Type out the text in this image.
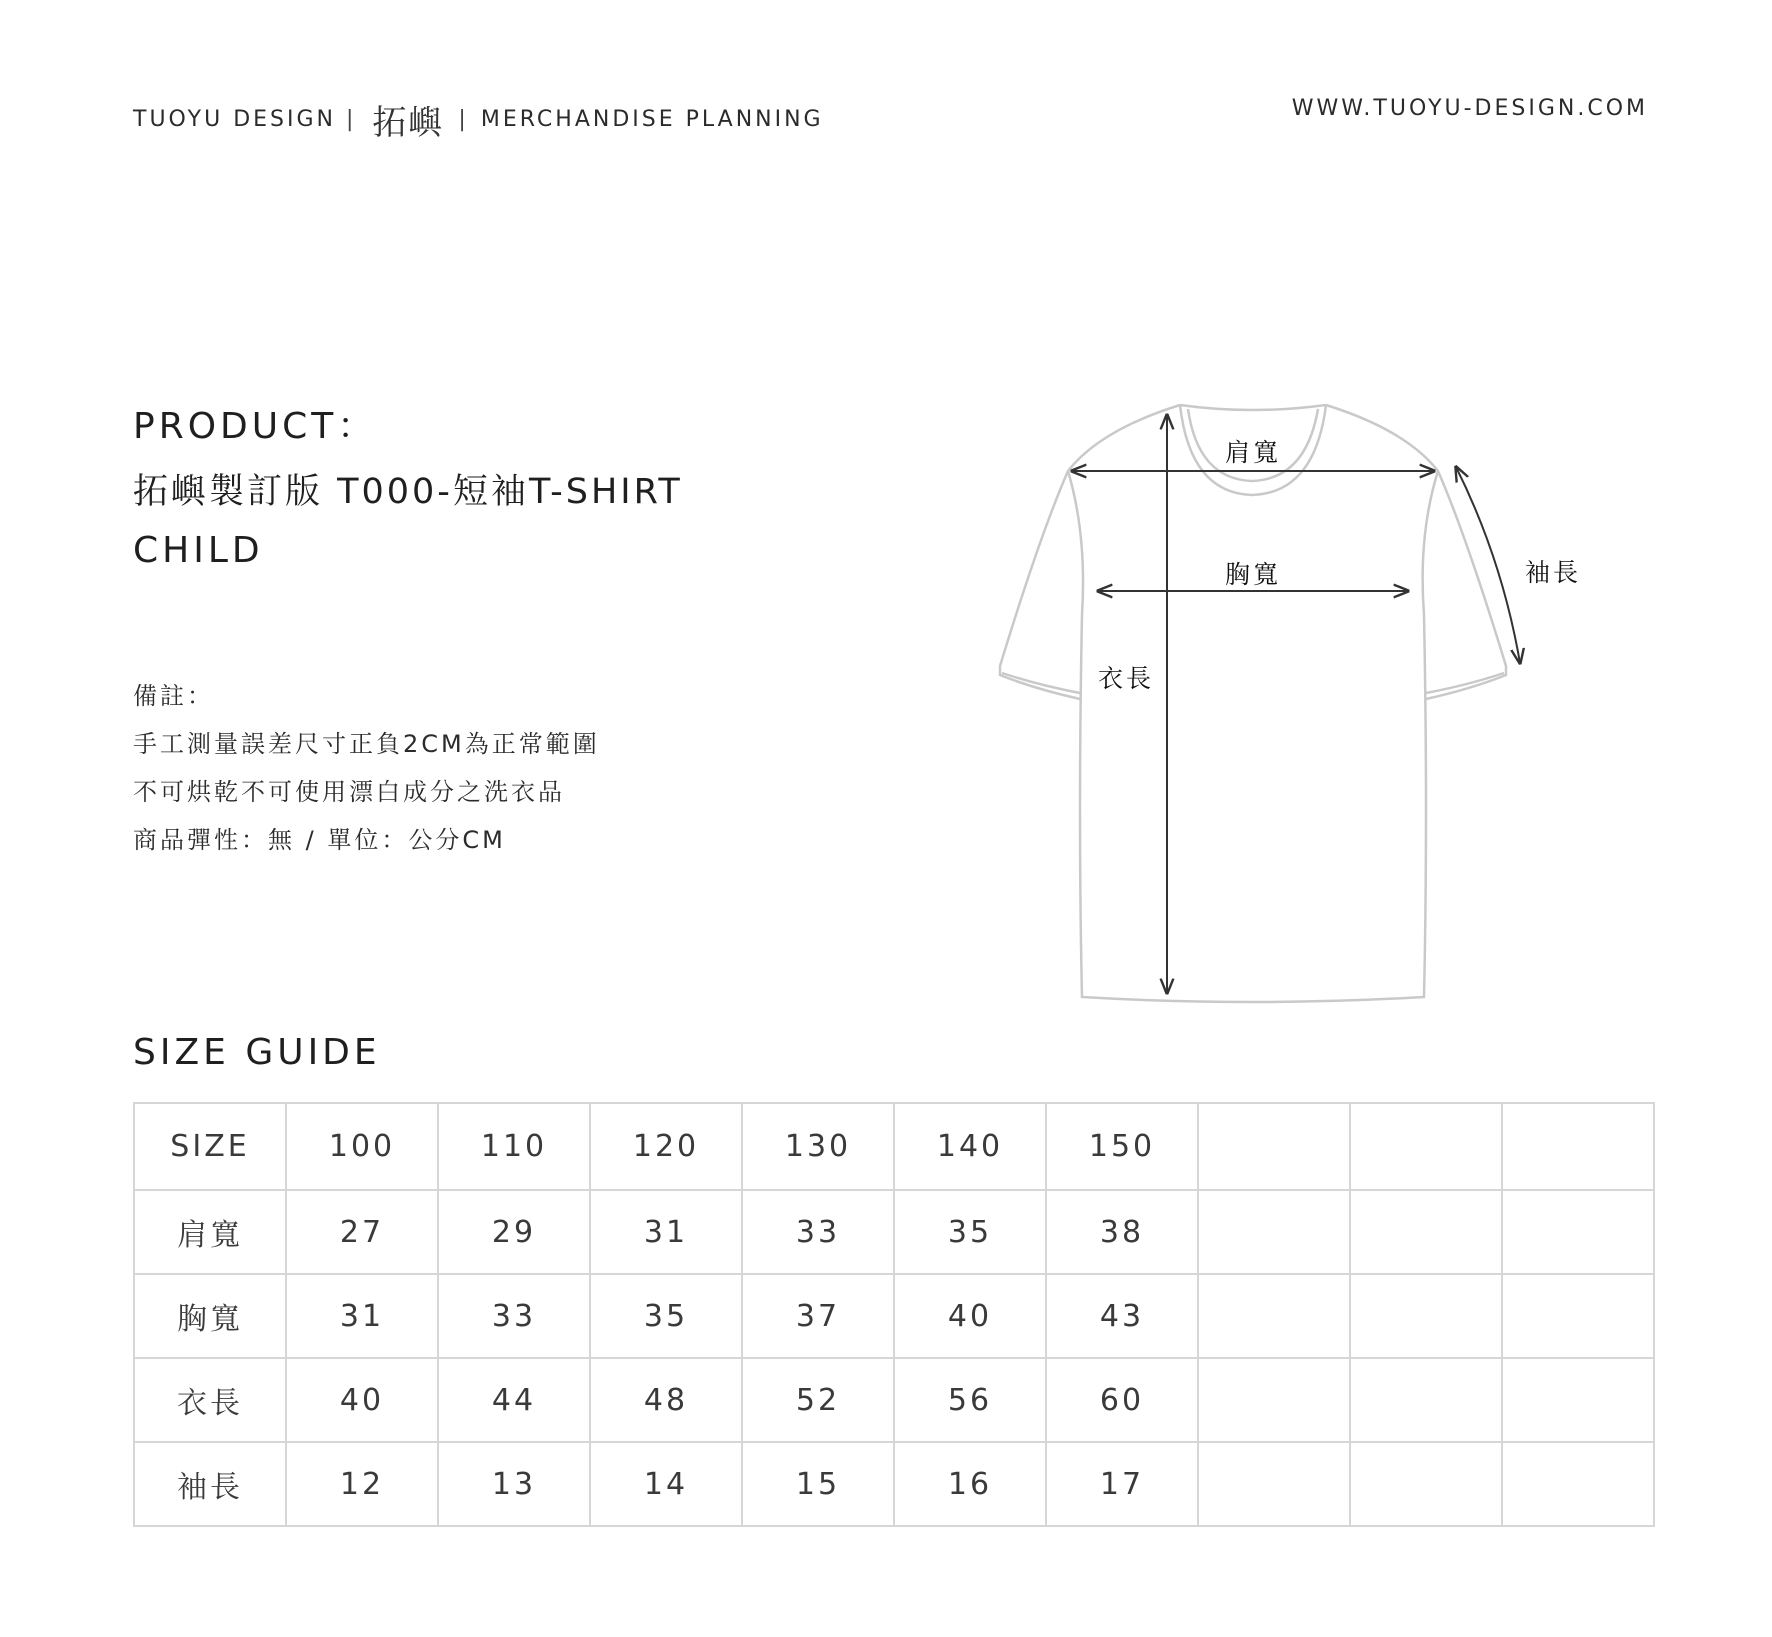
TUOYU DESIGN | 拓嶼 | MERCHANDISE PLANNING	WWW.TUOYU-DESIGN.COM
PRODUCT：
拓嶼製訂版 T000-短袖T-SHIRT
CHILD
備註：
手工測量誤差尺寸正負2CM為正常範圍
不可烘乾不可使用漂白成分之洗衣品
商品彈性：無 / 單位：公分CM
肩寬
胸寬
衣長
袖長
SIZE GUIDE
SIZE	100	110	120	130	140	150			
肩寬	27	29	31	33	35	38			
胸寬	31	33	35	37	40	43			
衣長	40	44	48	52	56	60			
袖長	12	13	14	15	16	17			
